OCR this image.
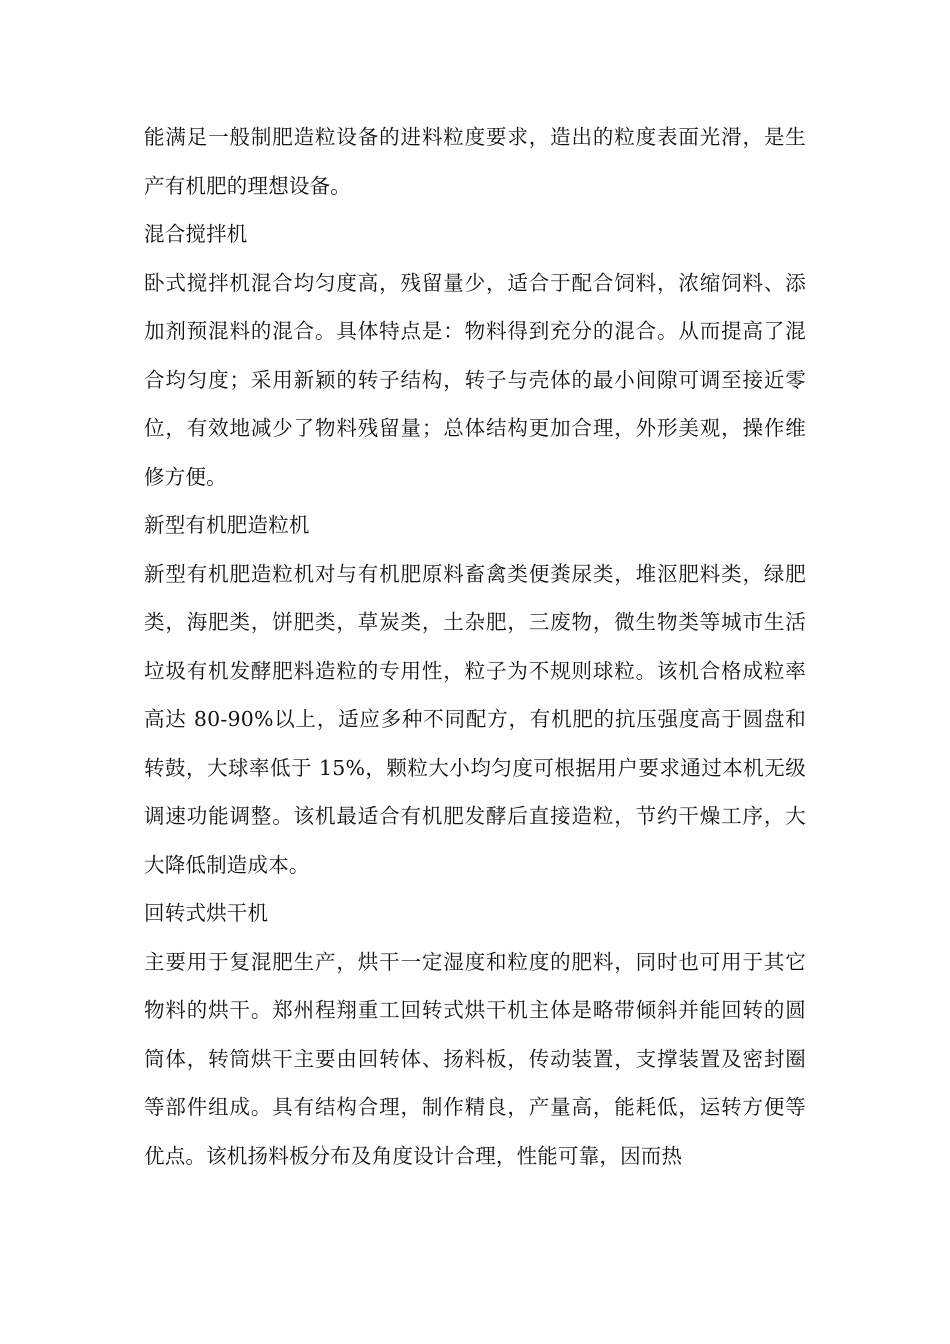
能满足一般制肥造粒设备的进料粒度要求，造出的粒度表面光滑，是生产有机肥的理想设备。

混合搅拌机

卧式搅拌机混合均匀度高，残留量少，适合于配合饲料，浓缩饲料、添加剂预混料的混合。具体特点是：物料得到充分的混合。从而提高了混合均匀度；采用新颖的转子结构，转子与壳体的最小间隙可调至接近零位，有效地减少了物料残留量；总体结构更加合理，外形美观，操作维修方便。

新型有机肥造粒机

新型有机肥造粒机对与有机肥原料畜禽类便粪尿类，堆沤肥料类，绿肥类，海肥类，饼肥类，草炭类，土杂肥，三废物，微生物类等城市生活垃圾有机发酵肥料造粒的专用性，粒子为不规则球粒。该机合格成粒率高达 80-90%以上，适应多种不同配方，有机肥的抗压强度高于圆盘和转鼓，大球率低于 15%，颗粒大小均匀度可根据用户要求通过本机无级调速功能调整。该机最适合有机肥发酵后直接造粒，节约干燥工序，大大降低制造成本。

回转式烘干机

主要用于复混肥生产，烘干一定湿度和粒度的肥料，同时也可用于其它物料的烘干。郑州程翔重工回转式烘干机主体是略带倾斜并能回转的圆筒体，转筒烘干主要由回转体、扬料板，传动装置，支撑装置及密封圈等部件组成。具有结构合理，制作精良，产量高，能耗低，运转方便等优点。该机扬料板分布及角度设计合理，性能可靠，因而热
